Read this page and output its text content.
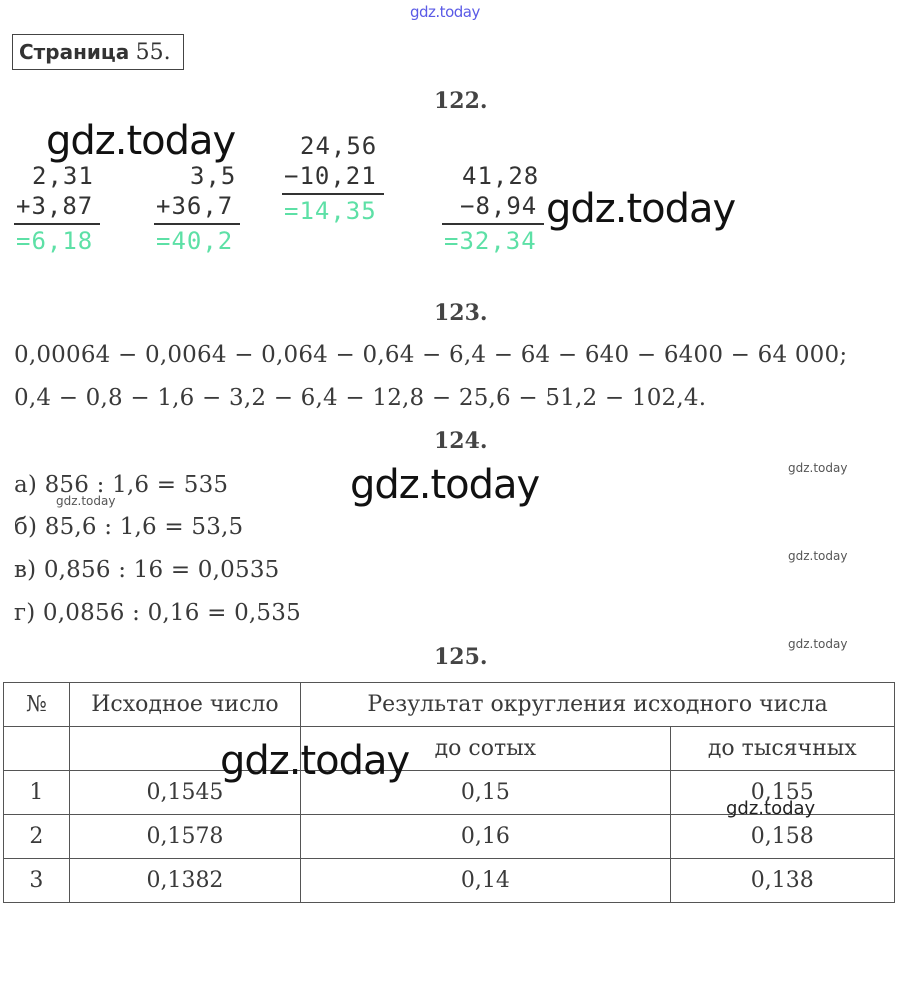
gdz.today
Страница 55.
122.
gdz.today
2,31
+3,87
=6,18
3,5
+36,7
=40,2
24,56
−10,21
=14,35
41,28
−8,94
=32,34
gdz.today
123.
0,00064 − 0,0064 − 0,064 − 0,64 − 6,4 − 64 − 640 − 6400 − 64 000;
0,4 − 0,8 − 1,6 − 3,2 − 6,4 − 12,8 − 25,6 − 51,2 − 102,4.
124.
а) 856 : 1,6 = 535
б) 85,6 : 1,6 = 53,5
в) 0,856 : 16 = 0,0535
г) 0,0856 : 0,16 = 0,535
gdz.today
gdz.today
gdz.today
gdz.today
gdz.today
125.
№	Исходное число	Результат округления исходного числа	
		до сотых	до тысячных
1	0,1545	0,15	0,155
2	0,1578	0,16	0,158
3	0,1382	0,14	0,138
gdz.today
gdz.today
